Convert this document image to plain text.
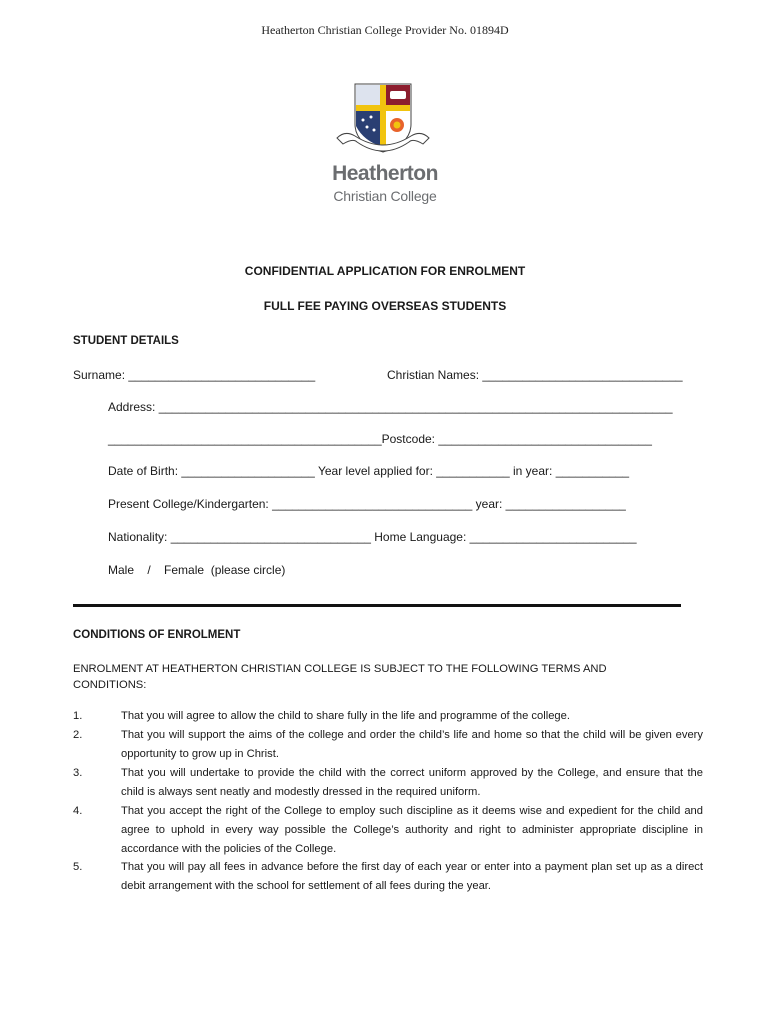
Heatherton Christian College Provider No. 01894D
Heatherton
Christian College
CONFIDENTIAL APPLICATION FOR ENROLMENT
FULL FEE PAYING OVERSEAS STUDENTS
STUDENT DETAILS
Surname: ____________________________	Christian Names: ______________________________
Address: _____________________________________________________________________________
_________________________________________Postcode: ________________________________
Date of Birth: ____________________ Year level applied for: ___________ in year: ___________
Present College/Kindergarten: ______________________________ year: __________________
Nationality: ______________________________ Home Language: _________________________
Male    /    Female  (please circle)
CONDITIONS OF ENROLMENT
ENROLMENT AT HEATHERTON CHRISTIAN COLLEGE IS SUBJECT TO THE FOLLOWING TERMS AND
CONDITIONS:
1.	That you will agree to allow the child to share fully in the life and programme of the college.
2.	That you will support the aims of the college and order the child’s life and home so that the child will be given every opportunity to grow up in Christ.
3.	That you will undertake to provide the child with the correct uniform approved by the College, and ensure that the child is always sent neatly and modestly dressed in the required uniform.
4.	That you accept the right of the College to employ such discipline as it deems wise and expedient for the child and agree to uphold in every way possible the College’s authority and right to administer appropriate discipline in accordance with the policies of the College.
5.	That you will pay all fees in advance before the first day of each year or enter into a payment plan set up as a direct debit arrangement with the school for settlement of all fees during the year.
